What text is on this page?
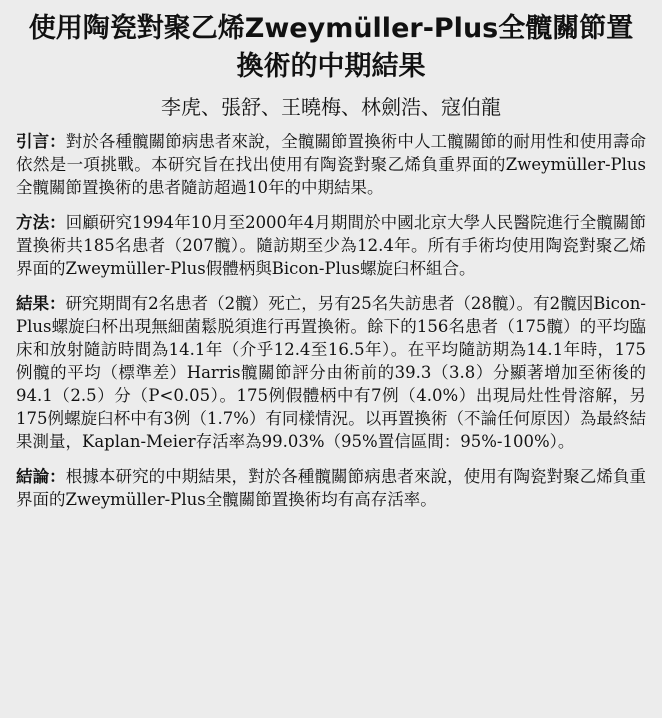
使用陶瓷對聚乙烯Zweymüller-Plus全髖關節置換術的中期結果
李虎、張舒、王曉梅、林劍浩、寇伯龍

引言：對於各種髖關節病患者來說，全髖關節置換術中人工髖關節的耐用性和使用壽命依然是一項挑戰。本研究旨在找出使用有陶瓷對聚乙烯負重界面的Zweymüller-Plus全髖關節置換術的患者隨訪超過10年的中期結果。

方法：回顧研究1994年10月至2000年4月期間於中國北京大學人民醫院進行全髖關節置換術共185名患者（207髖）。隨訪期至少為12.4年。所有手術均使用陶瓷對聚乙烯界面的Zweymüller-Plus假體柄與Bicon-Plus螺旋臼杯組合。

結果：研究期間有2名患者（2髖）死亡，另有25名失訪患者（28髖）。有2髖因Bicon-Plus螺旋臼杯出現無細菌鬆脱須進行再置換術。餘下的156名患者（175髖）的平均臨床和放射隨訪時間為14.1年（介乎12.4至16.5年）。在平均隨訪期為14.1年時，175例髖的平均（標準差）Harris髖關節評分由術前的39.3（3.8）分顯著增加至術後的94.1（2.5）分（P<0.05）。175例假體柄中有7例（4.0%）出現局灶性骨溶解，另175例螺旋臼杯中有3例（1.7%）有同樣情況。以再置換術（不論任何原因）為最終結果測量，Kaplan-Meier存活率為99.03%（95%置信區間：95%-100%）。

結論：根據本研究的中期結果，對於各種髖關節病患者來說，使用有陶瓷對聚乙烯負重界面的Zweymüller-Plus全髖關節置換術均有高存活率。
